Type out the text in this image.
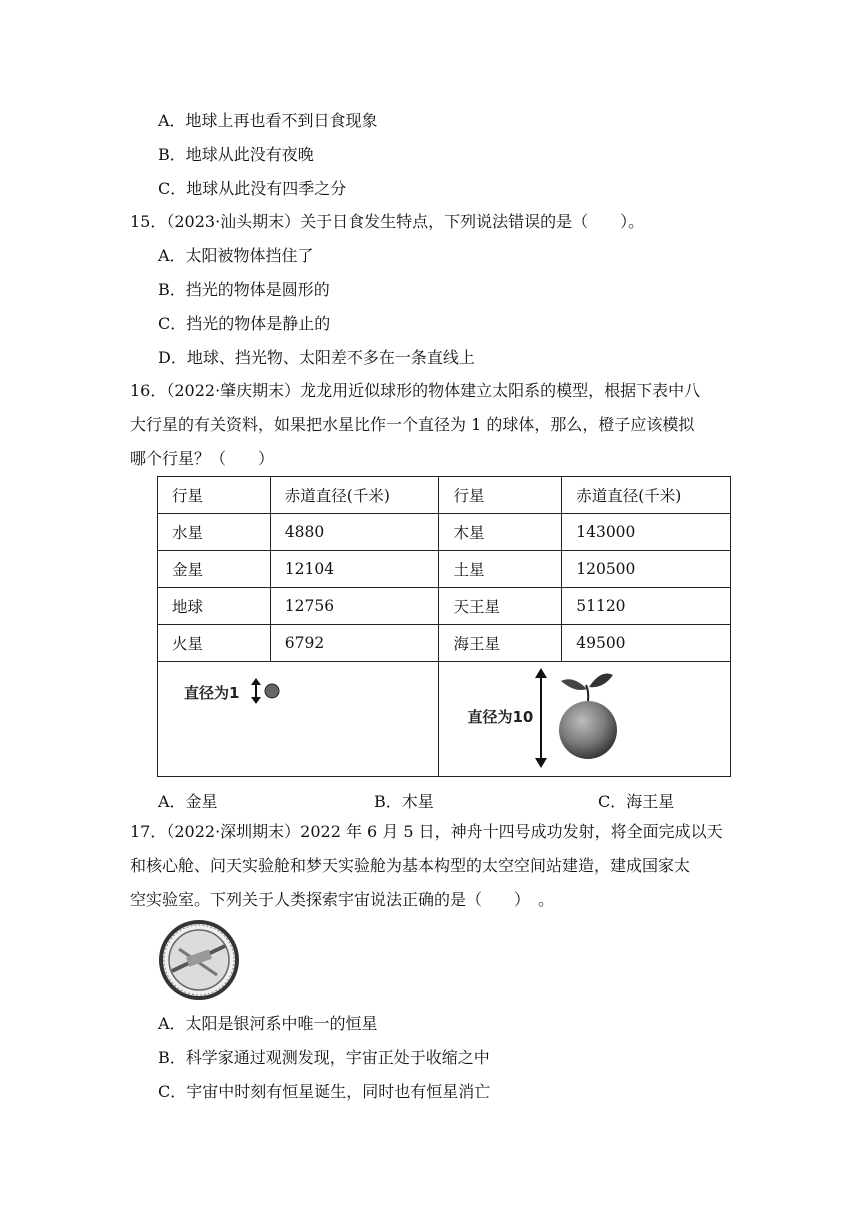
A．地球上再也看不到日食现象
B．地球从此没有夜晚
C．地球从此没有四季之分
15．（2023·汕头期末）关于日食发生特点，下列说法错误的是（　　）。
A．太阳被物体挡住了
B．挡光的物体是圆形的
C．挡光的物体是静止的
D．地球、挡光物、太阳差不多在一条直线上
16．（2022·肇庆期末）龙龙用近似球形的物体建立太阳系的模型，根据下表中八
大行星的有关资料，如果把水星比作一个直径为 1 的球体，那么，橙子应该模拟
哪个行星？（　　）
行星	赤道直径(千米)	行星	赤道直径(千米)
水星	4880	木星	143000
金星	12104	土星	120500
地球	12756	天王星	51120
火星	6792	海王星	49500

直径为1		直径为10	
A．金星	B．木星	C．海王星
17．（2022·深圳期末）2022 年 6 月 5 日，神舟十四号成功发射，将全面完成以天
和核心舱、问天实验舱和梦天实验舱为基本构型的太空空间站建造，建成国家太
空实验室。下列关于人类探索宇宙说法正确的是（　　）　。
A．太阳是银河系中唯一的恒星
B．科学家通过观测发现，宇宙正处于收缩之中
C．宇宙中时刻有恒星诞生，同时也有恒星消亡
